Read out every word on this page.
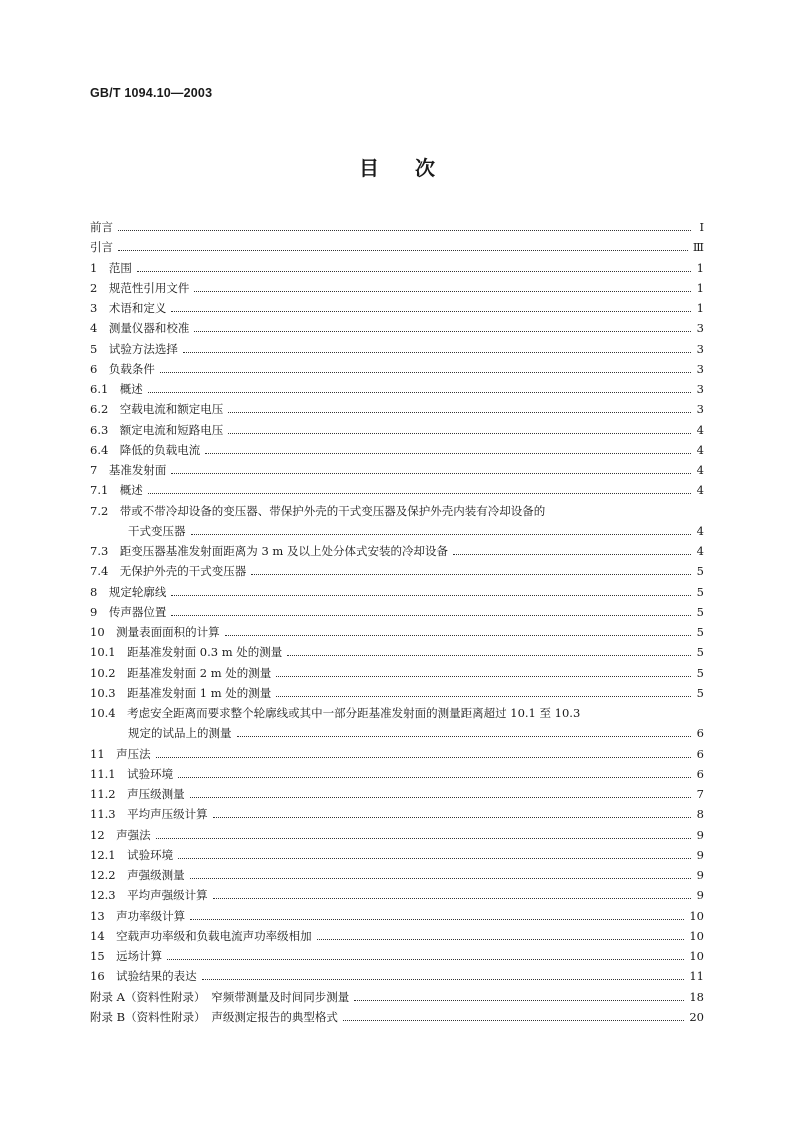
GB/T 1094.10—2003
目次
前言	Ⅰ
引言	Ⅲ
1　范围	1
2　规范性引用文件	1
3　术语和定义	1
4　测量仪器和校准	3
5　试验方法选择	3
6　负载条件	3
6.1　概述	3
6.2　空载电流和额定电压	3
6.3　额定电流和短路电压	4
6.4　降低的负载电流	4
7　基准发射面	4
7.1　概述	4
7.2　带或不带冷却设备的变压器、带保护外壳的干式变压器及保护外壳内装有冷却设备的
干式变压器	4
7.3　距变压器基准发射面距离为 3 m 及以上处分体式安装的冷却设备	4
7.4　无保护外壳的干式变压器	5
8　规定轮廓线	5
9　传声器位置	5
10　测量表面面积的计算	5
10.1　距基准发射面 0.3 m 处的测量	5
10.2　距基准发射面 2 m 处的测量	5
10.3　距基准发射面 1 m 处的测量	5
10.4　考虑安全距离而要求整个轮廓线或其中一部分距基准发射面的测量距离超过 10.1 至 10.3
规定的试品上的测量	6
11　声压法	6
11.1　试验环境	6
11.2　声压级测量	7
11.3　平均声压级计算	8
12　声强法	9
12.1　试验环境	9
12.2　声强级测量	9
12.3　平均声强级计算	9
13　声功率级计算	10
14　空载声功率级和负载电流声功率级相加	10
15　远场计算	10
16　试验结果的表达	11
附录 A（资料性附录）　窄频带测量及时间同步测量	18
附录 B（资料性附录）　声级测定报告的典型格式	20
